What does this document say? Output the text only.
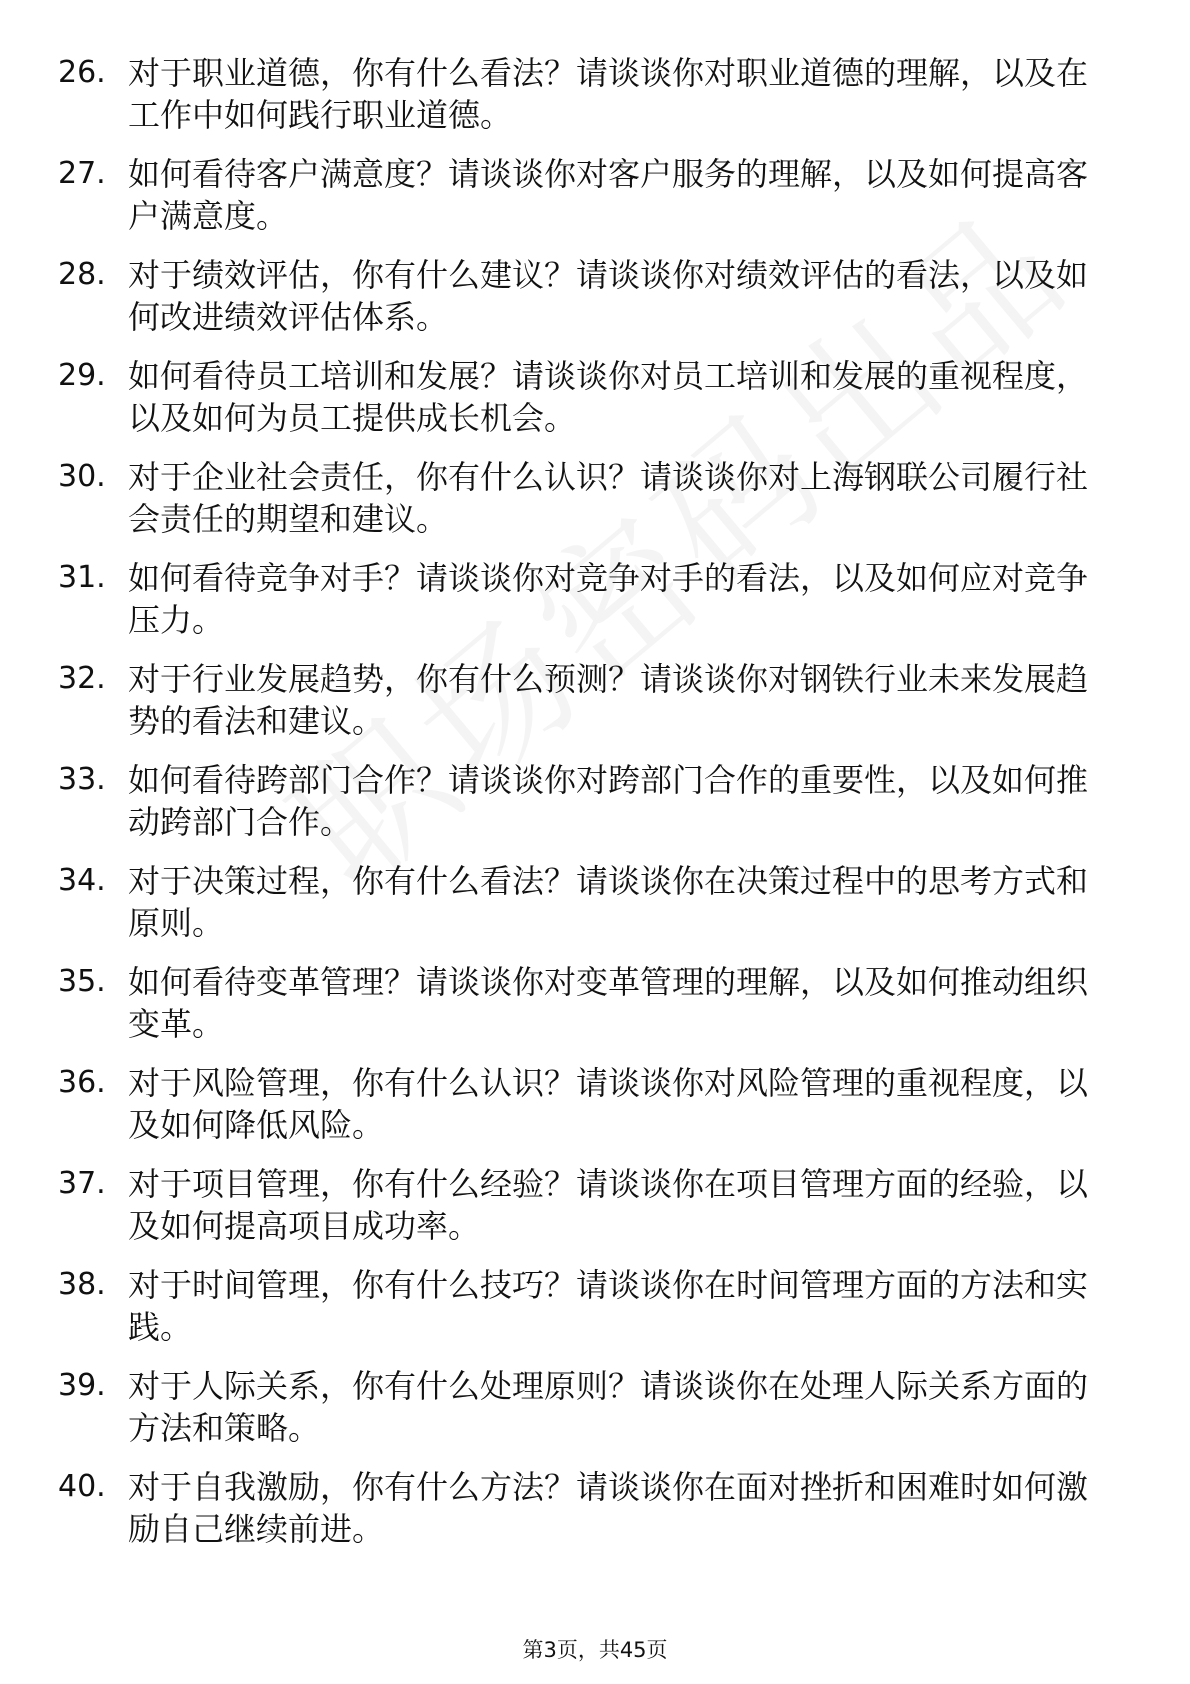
26. 对于职业道德，你有什么看法？请谈谈你对职业道德的理解，以及在工作中如何践行职业道德。
27. 如何看待客户满意度？请谈谈你对客户服务的理解，以及如何提高客户满意度。
28. 对于绩效评估，你有什么建议？请谈谈你对绩效评估的看法，以及如何改进绩效评估体系。
29. 如何看待员工培训和发展？请谈谈你对员工培训和发展的重视程度，以及如何为员工提供成长机会。
30. 对于企业社会责任，你有什么认识？请谈谈你对上海钢联公司履行社会责任的期望和建议。
31. 如何看待竞争对手？请谈谈你对竞争对手的看法，以及如何应对竞争压力。
32. 对于行业发展趋势，你有什么预测？请谈谈你对钢铁行业未来发展趋势的看法和建议。
33. 如何看待跨部门合作？请谈谈你对跨部门合作的重要性，以及如何推动跨部门合作。
34. 对于决策过程，你有什么看法？请谈谈你在决策过程中的思考方式和原则。
35. 如何看待变革管理？请谈谈你对变革管理的理解，以及如何推动组织变革。
36. 对于风险管理，你有什么认识？请谈谈你对风险管理的重视程度，以及如何降低风险。
37. 对于项目管理，你有什么经验？请谈谈你在项目管理方面的经验，以及如何提高项目成功率。
38. 对于时间管理，你有什么技巧？请谈谈你在时间管理方面的方法和实践。
39. 对于人际关系，你有什么处理原则？请谈谈你在处理人际关系方面的方法和策略。
40. 对于自我激励，你有什么方法？请谈谈你在面对挫折和困难时如何激励自己继续前进。
第3页，共45页
